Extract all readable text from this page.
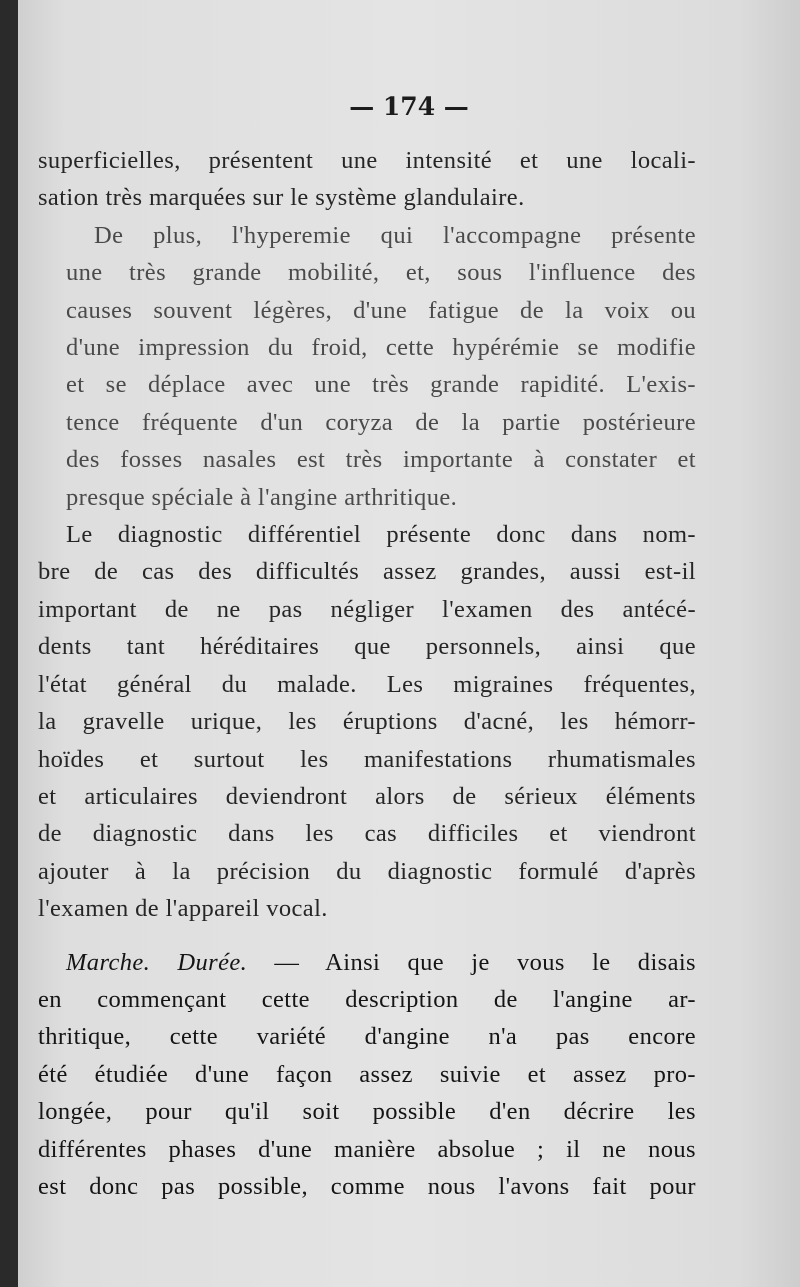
— 174 —

superficielles, présentent une intensité et une locali-
sation très marquées sur le système glandulaire.

De plus, l'hyperemie qui l'accompagne présente
une très grande mobilité, et, sous l'influence des
causes souvent légères, d'une fatigue de la voix ou
d'une impression du froid, cette hypérémie se modifie
et se déplace avec une très grande rapidité. L'exis-
tence fréquente d'un coryza de la partie postérieure
des fosses nasales est très importante à constater et
presque spéciale à l'angine arthritique.

Le diagnostic différentiel présente donc dans nom-
bre de cas des difficultés assez grandes, aussi est-il
important de ne pas négliger l'examen des antécé-
dents tant héréditaires que personnels, ainsi que
l'état général du malade. Les migraines fréquentes,
la gravelle urique, les éruptions d'acné, les hémorr-
hoïdes et surtout les manifestations rhumatismales
et articulaires deviendront alors de sérieux éléments
de diagnostic dans les cas difficiles et viendront
ajouter à la précision du diagnostic formulé d'après
l'examen de l'appareil vocal.

Marche. Durée. — Ainsi que je vous le disais
en commençant cette description de l'angine ar-
thritique, cette variété d'angine n'a pas encore
été étudiée d'une façon assez suivie et assez pro-
longée, pour qu'il soit possible d'en décrire les
différentes phases d'une manière absolue ; il ne nous
est donc pas possible, comme nous l'avons fait pour
